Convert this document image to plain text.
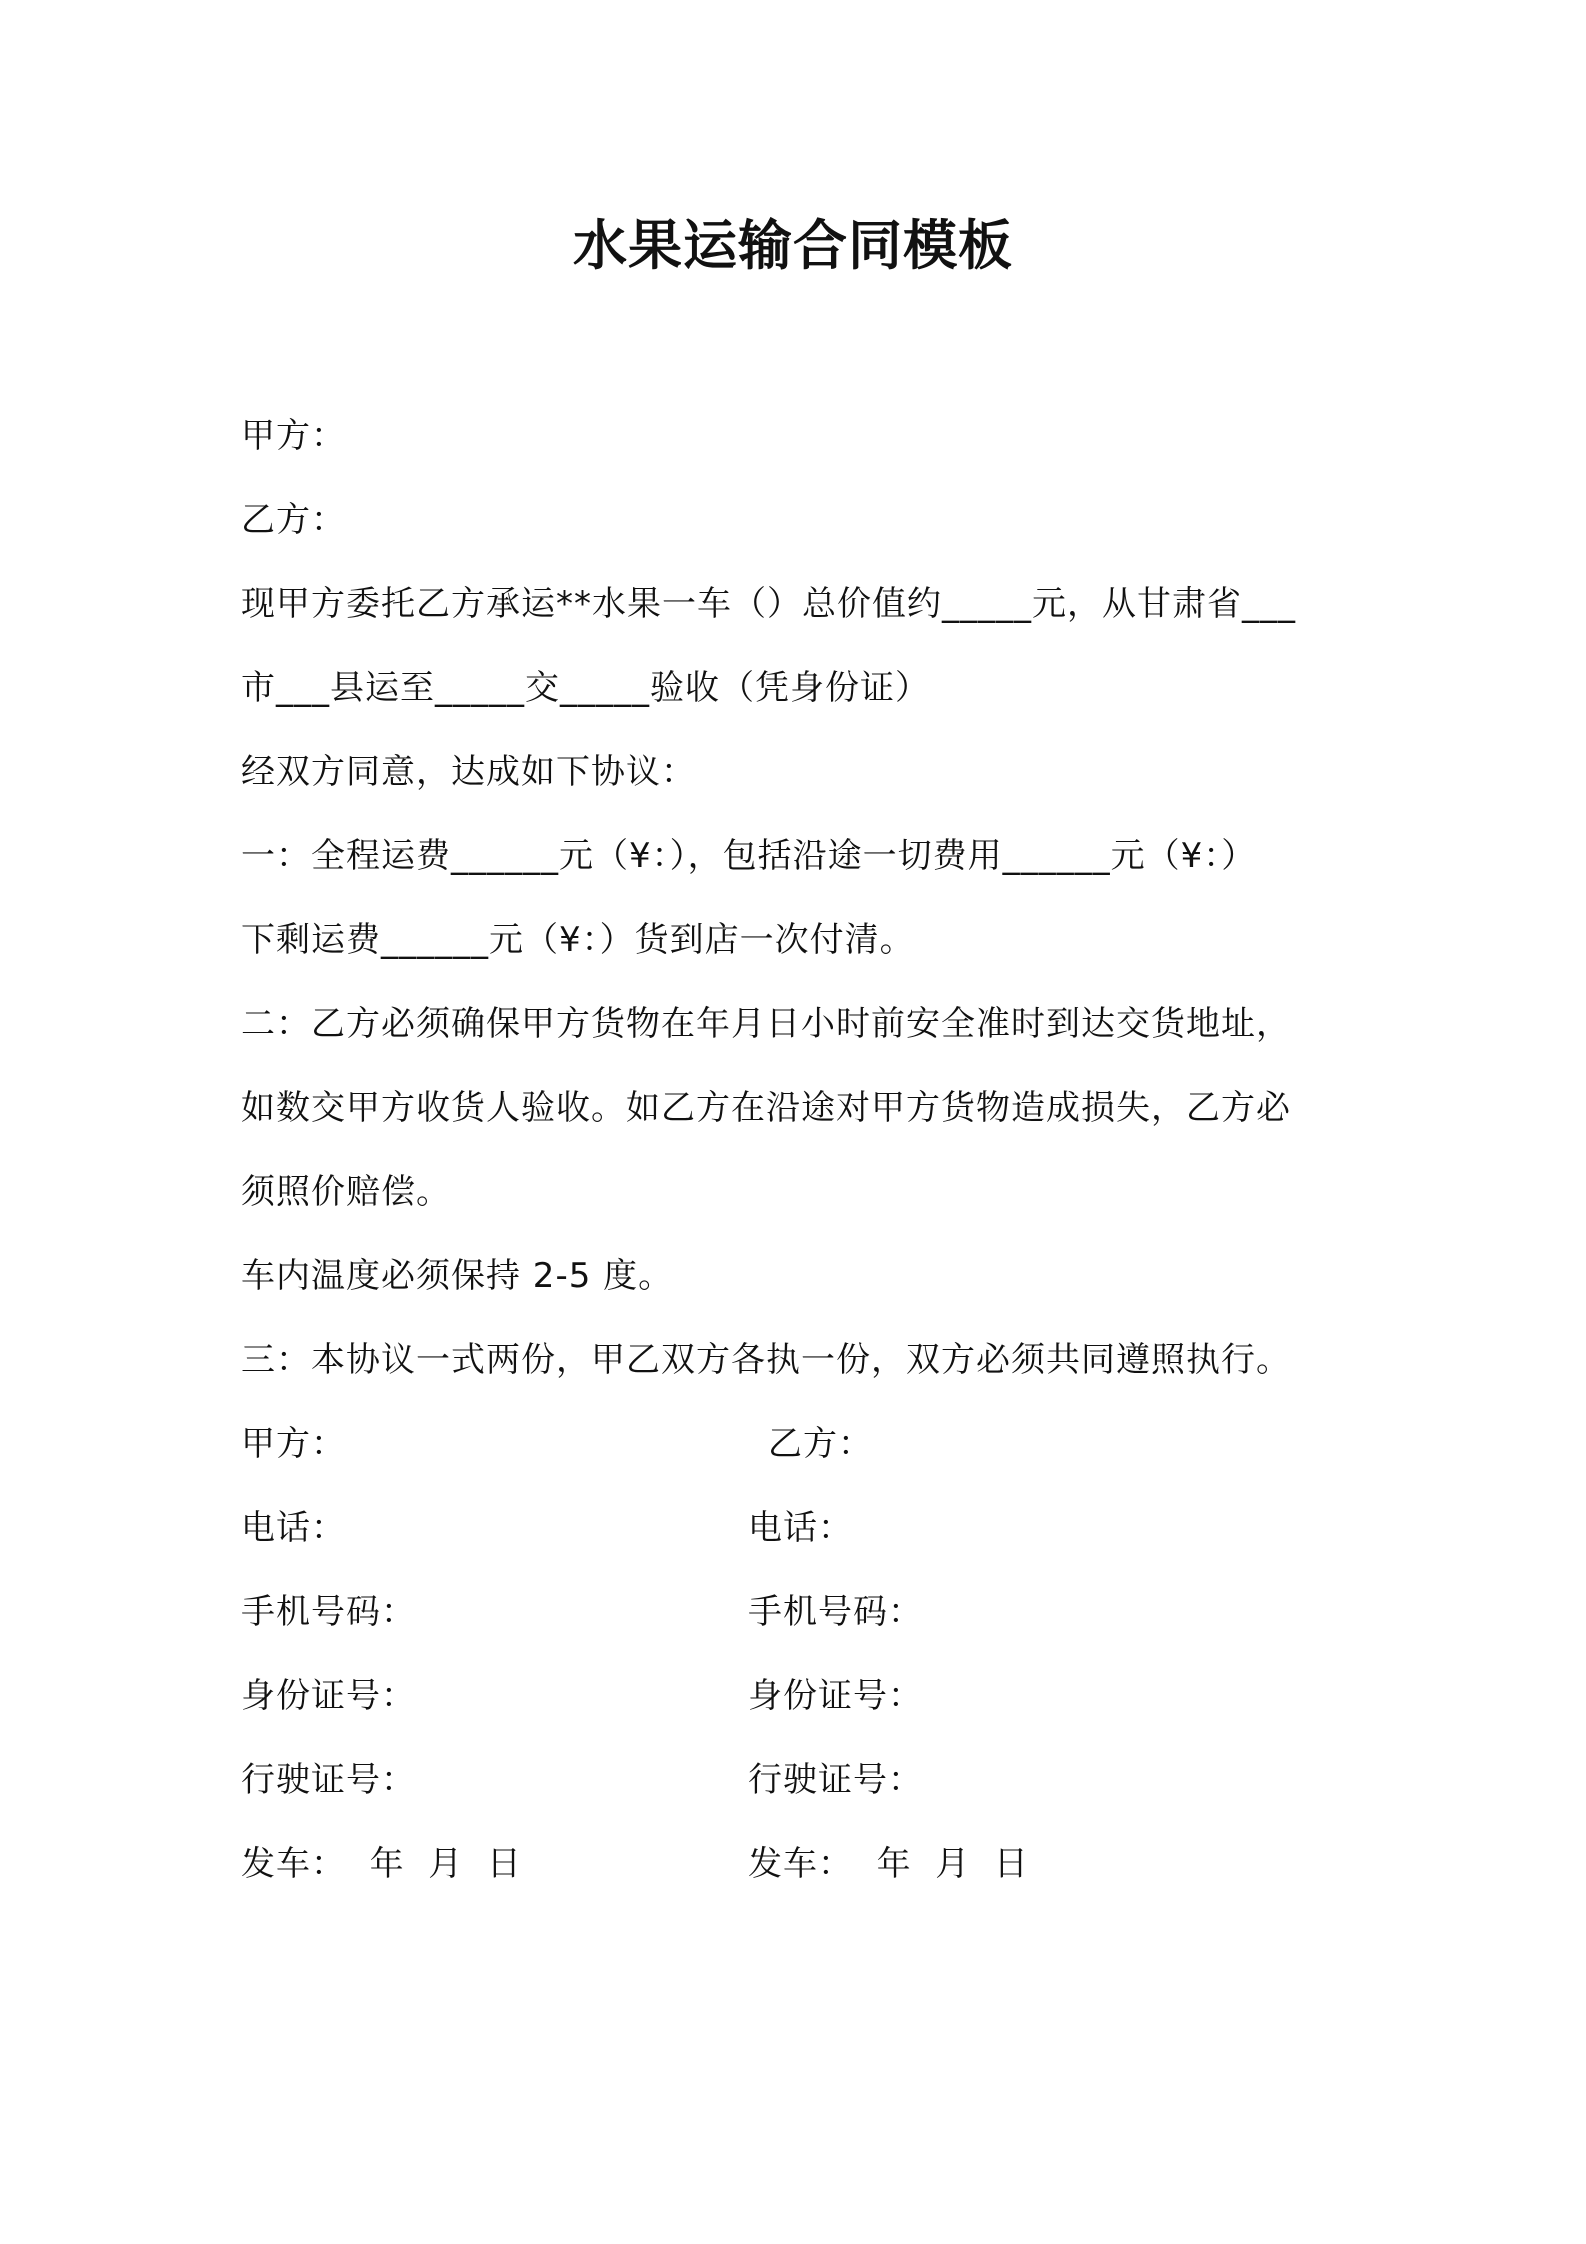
水果运输合同模板
甲方：
乙方：
现甲方委托乙方承运**水果一车（）总价值约_____元，从甘肃省___
市___县运至_____交_____验收（凭身份证）
经双方同意，达成如下协议：
一：全程运费______元（¥：），包括沿途一切费用______元（¥：）
下剩运费______元（¥：）货到店一次付清。
二：乙方必须确保甲方货物在年月日小时前安全准时到达交货地址，
如数交甲方收货人验收。如乙方在沿途对甲方货物造成损失，乙方必
须照价赔偿。
车内温度必须保持 2-5 度。
三：本协议一式两份，甲乙双方各执一份，双方必须共同遵照执行。
甲方：	乙方：
电话：	电话：
手机号码：	手机号码：
身份证号：	身份证号：
行驶证号：	行驶证号：
发车：  年  月  日	发车：  年  月  日
